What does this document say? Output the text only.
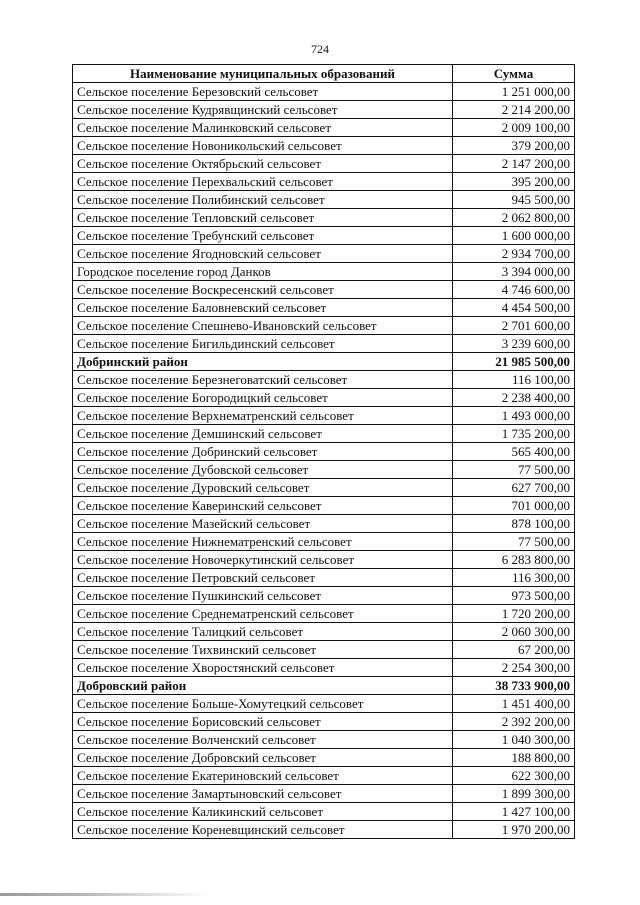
724
Наименование муниципальных образований	Сумма
Сельское поселение Березовский сельсовет	1 251 000,00
Сельское поселение Кудрявщинский сельсовет	2 214 200,00
Сельское поселение Малинковский сельсовет	2 009 100,00
Сельское поселение Новоникольский сельсовет	379 200,00
Сельское поселение Октябрьский сельсовет	2 147 200,00
Сельское поселение Перехвальский сельсовет	395 200,00
Сельское поселение Полибинский сельсовет	945 500,00
Сельское поселение Тепловский сельсовет	2 062 800,00
Сельское поселение Требунский сельсовет	1 600 000,00
Сельское поселение Ягодновский сельсовет	2 934 700,00
Городское поселение город Данков	3 394 000,00
Сельское поселение Воскресенский сельсовет	4 746 600,00
Сельское поселение Баловневский сельсовет	4 454 500,00
Сельское поселение Спешнево-Ивановский сельсовет	2 701 600,00
Сельское поселение Бигильдинский сельсовет	3 239 600,00
Добринский район	21 985 500,00
Сельское поселение Березнеговатский сельсовет	116 100,00
Сельское поселение Богородицкий сельсовет	2 238 400,00
Сельское поселение Верхнематренский сельсовет	1 493 000,00
Сельское поселение Демшинский сельсовет	1 735 200,00
Сельское поселение Добринский сельсовет	565 400,00
Сельское поселение Дубовской сельсовет	77 500,00
Сельское поселение Дуровский сельсовет	627 700,00
Сельское поселение Каверинский сельсовет	701 000,00
Сельское поселение Мазейский сельсовет	878 100,00
Сельское поселение Нижнематренский сельсовет	77 500,00
Сельское поселение Новочеркутинский сельсовет	6 283 800,00
Сельское поселение Петровский сельсовет	116 300,00
Сельское поселение Пушкинский сельсовет	973 500,00
Сельское поселение Среднематренский сельсовет	1 720 200,00
Сельское поселение Талицкий сельсовет	2 060 300,00
Сельское поселение Тихвинский сельсовет	67 200,00
Сельское поселение Хворостянский сельсовет	2 254 300,00
Добровский район	38 733 900,00
Сельское поселение Больше-Хомутецкий сельсовет	1 451 400,00
Сельское поселение Борисовский сельсовет	2 392 200,00
Сельское поселение Волченский сельсовет	1 040 300,00
Сельское поселение Добровский сельсовет	188 800,00
Сельское поселение Екатериновский сельсовет	622 300,00
Сельское поселение Замартыновский сельсовет	1 899 300,00
Сельское поселение Каликинский сельсовет	1 427 100,00
Сельское поселение Кореневщинский сельсовет	1 970 200,00
